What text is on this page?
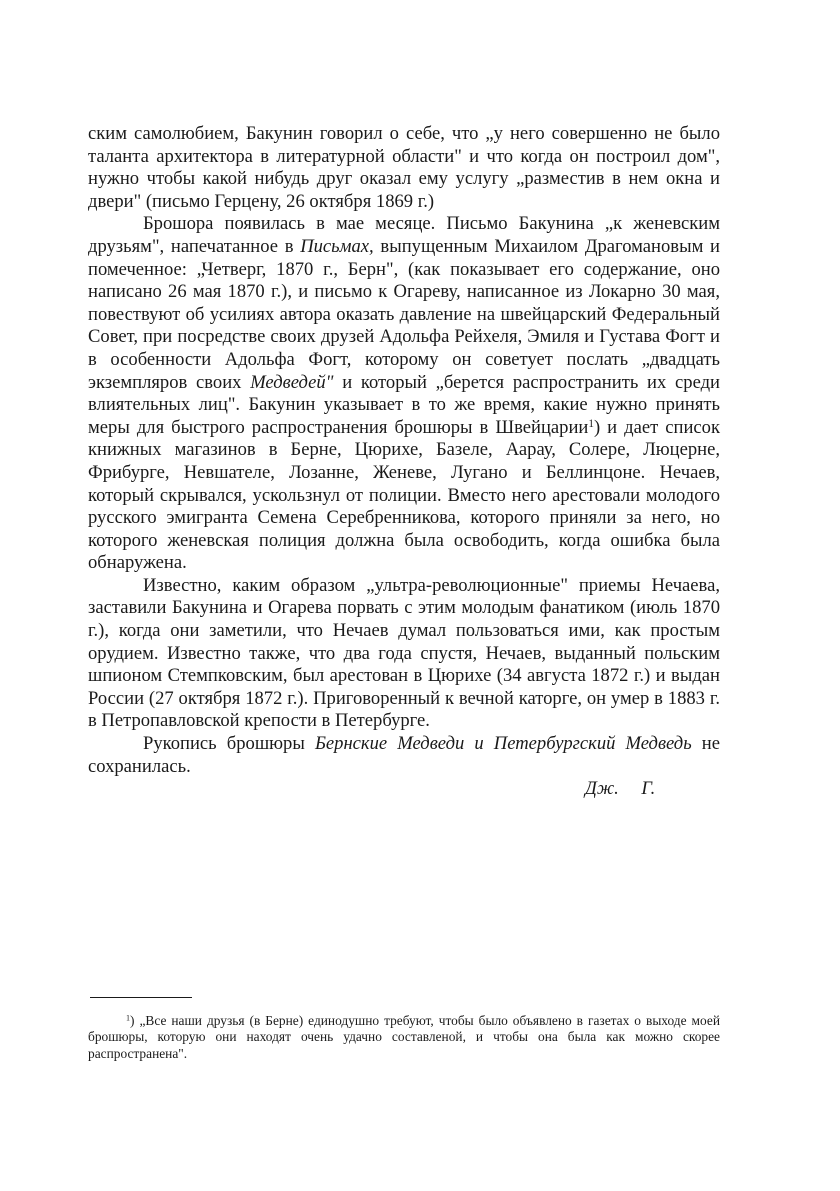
ским самолюбием, Бакунин говорил о себе, что „у него совершенно не было таланта архитектора в литературной области" и что когда он построил дом", нужно чтобы какой нибудь друг оказал ему услугу „разместив в нем окна и двери" (письмо Герцену, 26 октября 1869 г.)

Брошора появилась в мае месяце. Письмо Бакунина „к женевским друзьям", напечатанное в Письмах, выпущенным Михаилом Драгомановым и помеченное: „Четверг, 1870 г., Берн", (как показывает его содержание, оно написано 26 мая 1870 г.), и письмо к Огареву, написанное из Локарно 30 мая, повествуют об усилиях автора оказать давление на швейцарский Федеральный Совет, при посредстве своих друзей Адольфа Рейхеля, Эмиля и Густава Фогт и в особенности Адольфа Фогт, которому он советует послать „двадцать экземпляров своих Медведей" и который „берется распространить их среди влиятельных лиц". Бакунин указывает в то же время, какие нужно принять меры для быстрого распространения брошюры в Швейцарии$^1$) и дает список книжных магазинов в Берне, Цюрихе, Базеле, Аарау, Солере, Люцерне, Фрибурге, Невшателе, Лозанне, Женеве, Лугано и Беллинцоне. Нечаев, который скрывался, ускользнул от полиции. Вместо него арестовали молодого русского эмигранта Семена Серебренникова, которого приняли за него, но которого женевская полиция должна была освободить, когда ошибка была обнаружена.

Известно, каким образом „ультра-революционные" приемы Нечаева, заставили Бакунина и Огарева порвать с этим молодым фанатиком (июль 1870 г.), когда они заметили, что Нечаев думал пользоваться ими, как простым орудием. Известно также, что два года спустя, Нечаев, выданный польским шпионом Стемпковским, был арестован в Цюрихе (34 августа 1872 г.) и выдан России (27 октября 1872 г.). Приговоренный к вечной каторге, он умер в 1883 г. в Петропавловской крепости в Петербурге.

Рукопись брошюры Бернские Медведи и Петербургский Медведь не сохранилась.

Дж. Г.

$^1$) „Все наши друзья (в Берне) единодушно требуют, чтобы было объявлено в газетах о выходе моей брошюры, которую они находят очень удачно составленой, и чтобы она была как можно скорее распространена".
